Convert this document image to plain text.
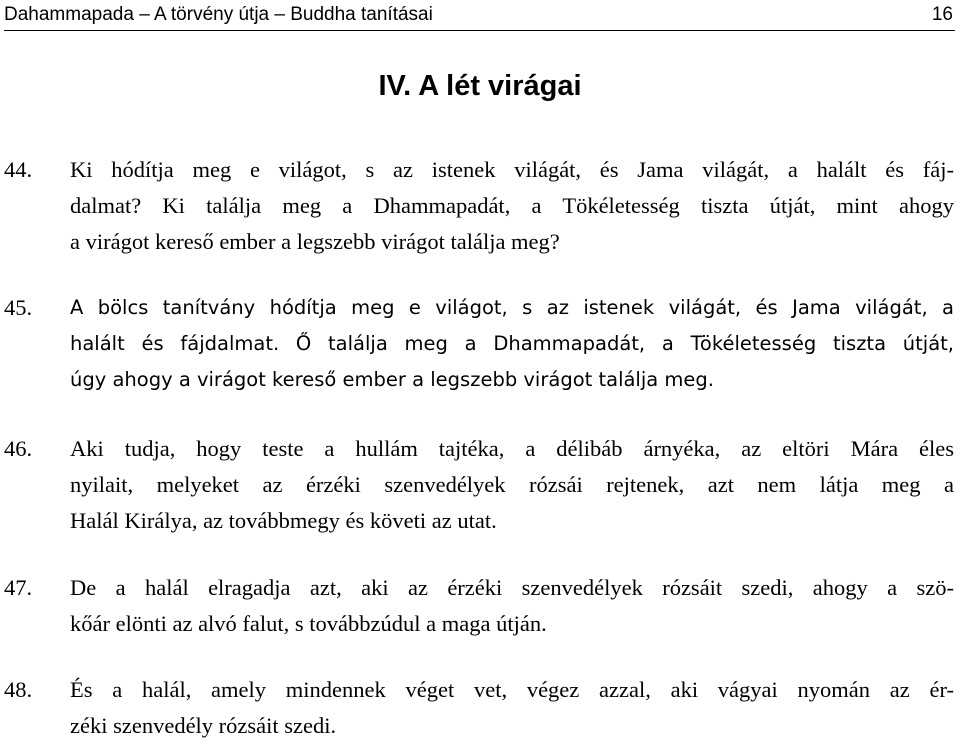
Dahammapada – A törvény útja – Buddha tanításai	16
IV. A lét virágai
44. Ki hódítja meg e világot, s az istenek világát, és Jama világát, a halált és fáj-
dalmat? Ki találja meg a Dhammapadát, a Tökéletesség tiszta útját, mint ahogy
a virágot kereső ember a legszebb virágot találja meg?
45. A bölcs tanítvány hódítja meg e világot, s az istenek világát, és Jama világát, a
halált és fájdalmat. Ő találja meg a Dhammapadát, a Tökéletesség tiszta útját,
úgy ahogy a virágot kereső ember a legszebb virágot találja meg.
46. Aki tudja, hogy teste a hullám tajtéka, a délibáb árnyéka, az eltöri Mára éles
nyilait, melyeket az érzéki szenvedélyek rózsái rejtenek, azt nem látja meg a
Halál Királya, az továbbmegy és követi az utat.
47. De a halál elragadja azt, aki az érzéki szenvedélyek rózsáit szedi, ahogy a szö-
kőár elönti az alvó falut, s továbbzúdul a maga útján.
48. És a halál, amely mindennek véget vet, végez azzal, aki vágyai nyomán az ér-
zéki szenvedély rózsáit szedi.
